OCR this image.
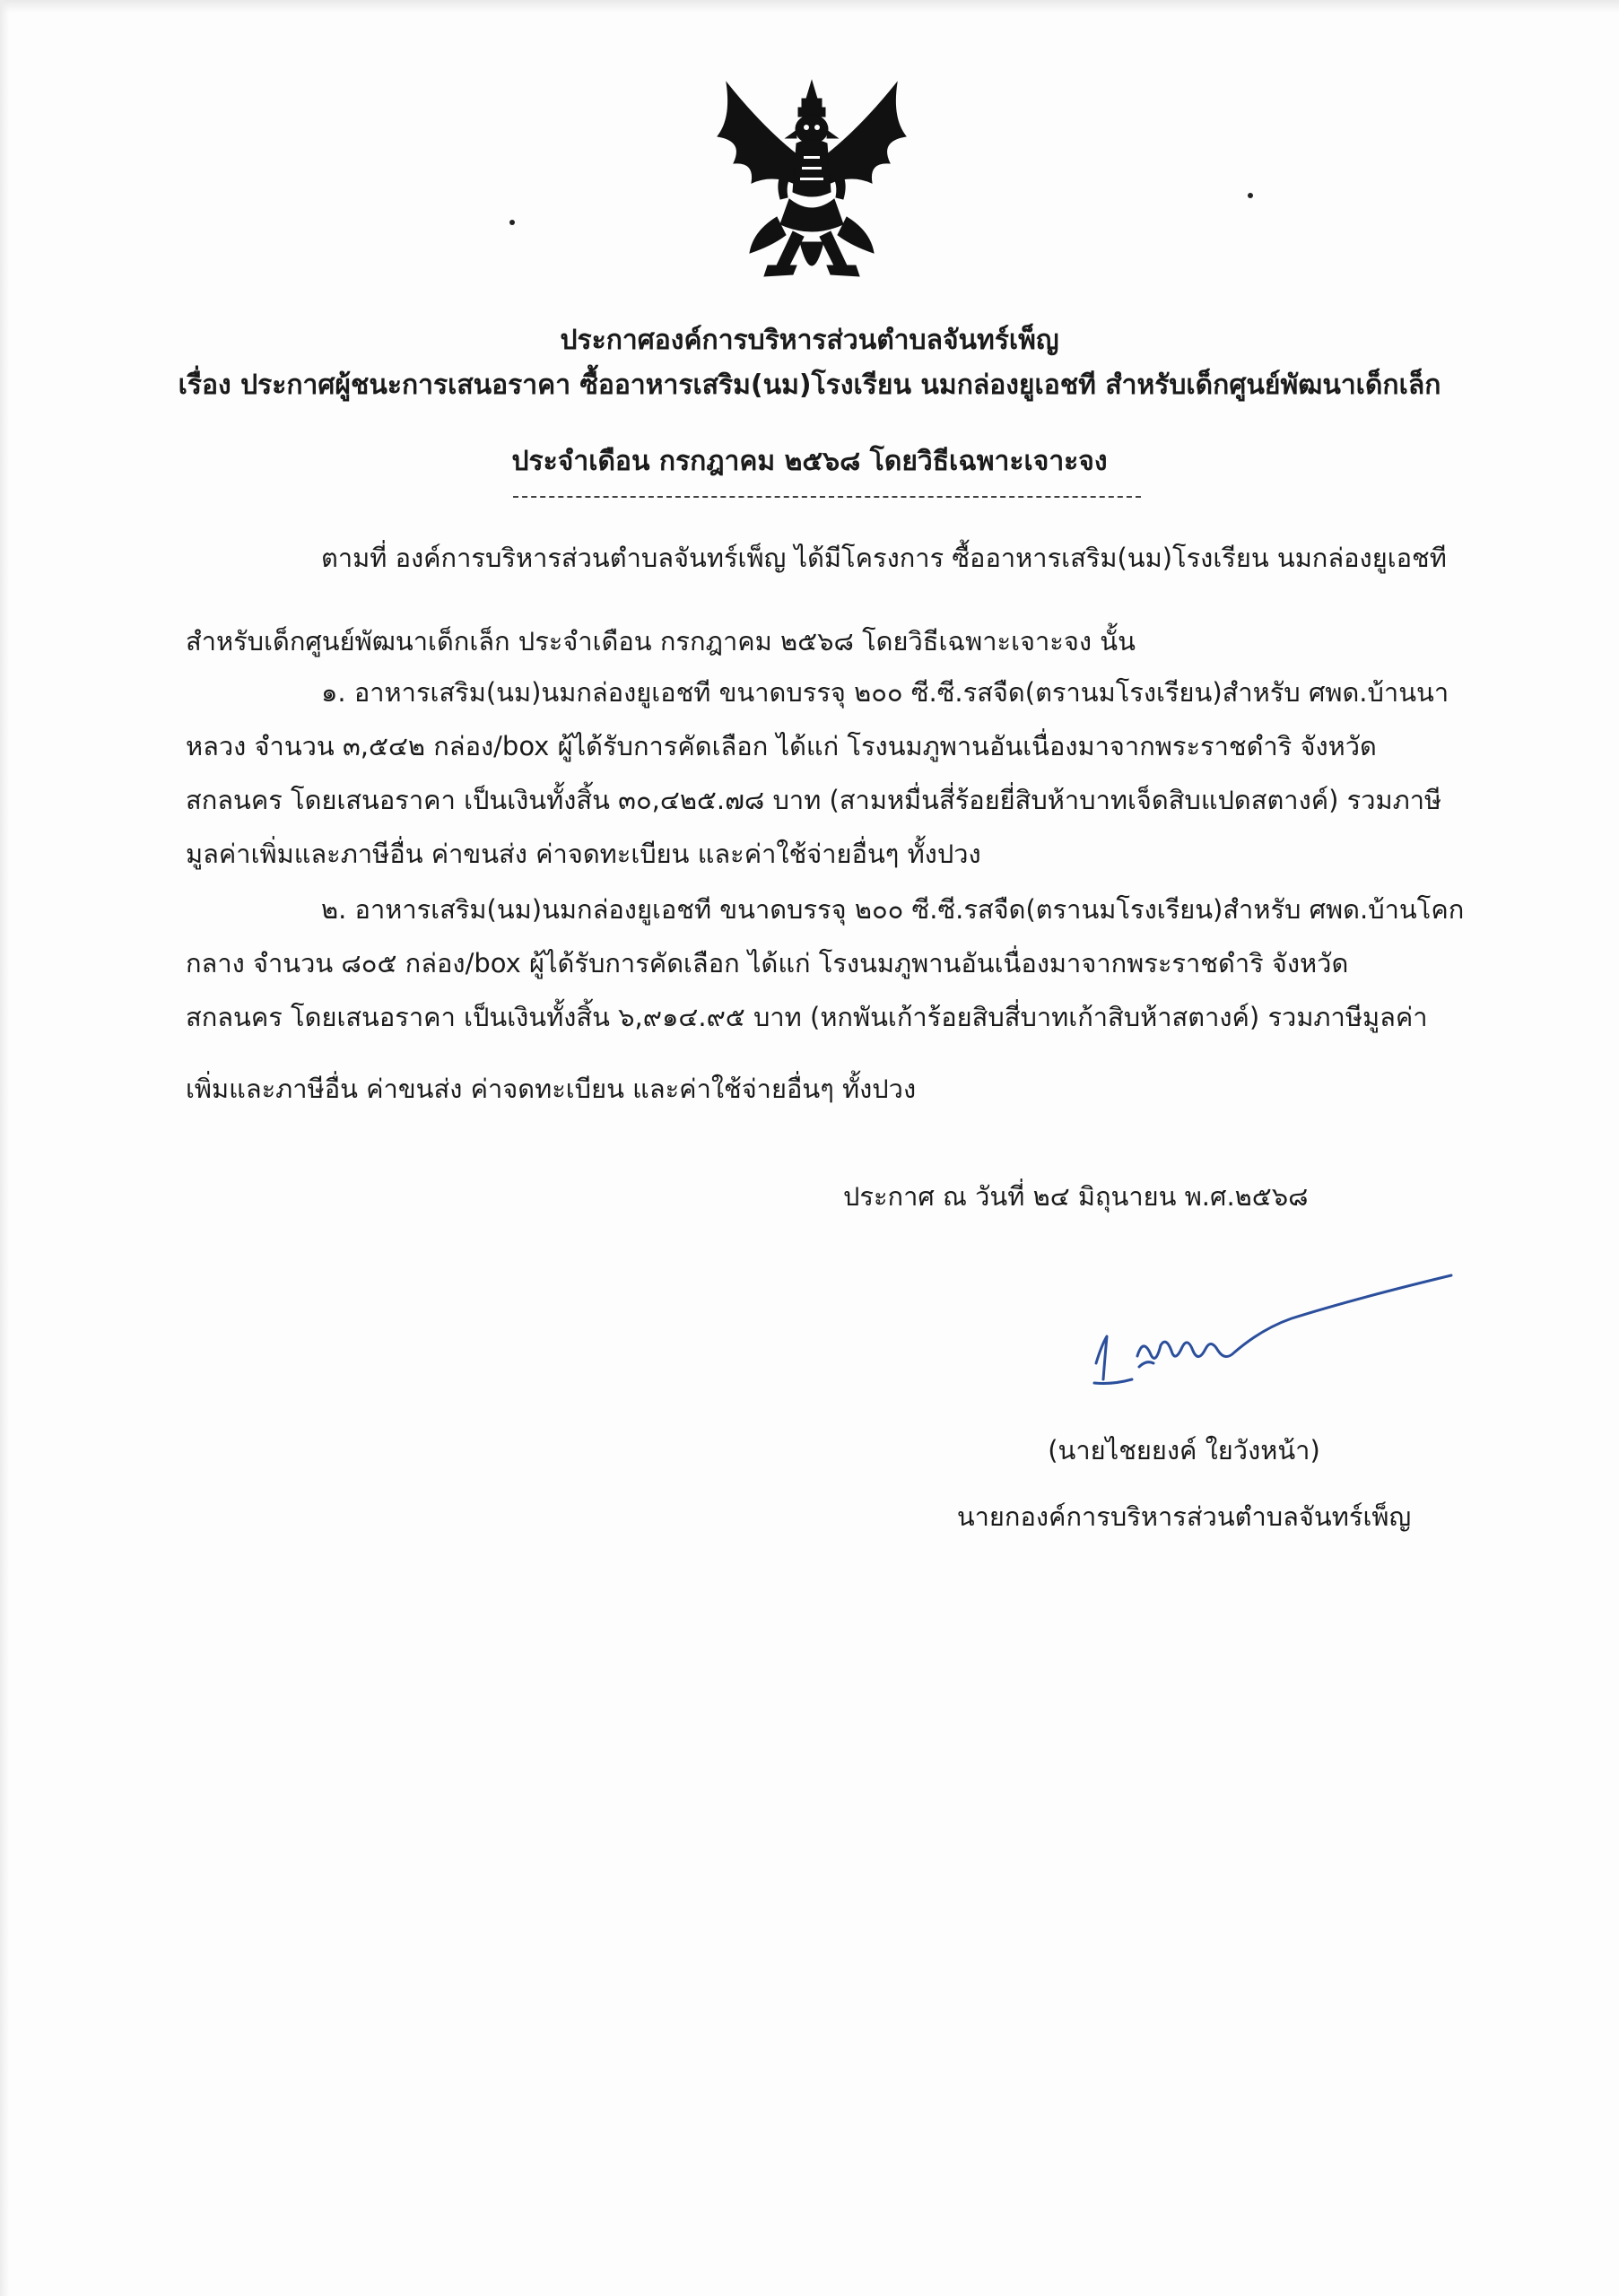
ประกาศองค์การบริหารส่วนตำบลจันทร์เพ็ญ
เรื่อง ประกาศผู้ชนะการเสนอราคา ซื้ออาหารเสริม(นม)โรงเรียน นมกล่องยูเอชที สำหรับเด็กศูนย์พัฒนาเด็กเล็ก
ประจำเดือน กรกฎาคม ๒๕๖๘ โดยวิธีเฉพาะเจาะจง
ตามที่ องค์การบริหารส่วนตำบลจันทร์เพ็ญ ได้มีโครงการ ซื้ออาหารเสริม(นม)โรงเรียน นมกล่องยูเอชที
สำหรับเด็กศูนย์พัฒนาเด็กเล็ก ประจำเดือน กรกฎาคม ๒๕๖๘ โดยวิธีเฉพาะเจาะจง นั้น
๑. อาหารเสริม(นม)นมกล่องยูเอชที ขนาดบรรจุ ๒๐๐ ซี.ซี.รสจืด(ตรานมโรงเรียน)สำหรับ ศพด.บ้านนา
หลวง จำนวน ๓,๕๔๒ กล่อง/box ผู้ได้รับการคัดเลือก ได้แก่ โรงนมภูพานอันเนื่องมาจากพระราชดำริ จังหวัด
สกลนคร โดยเสนอราคา เป็นเงินทั้งสิ้น ๓๐,๔๒๕.๗๘ บาท (สามหมื่นสี่ร้อยยี่สิบห้าบาทเจ็ดสิบแปดสตางค์) รวมภาษี
มูลค่าเพิ่มและภาษีอื่น ค่าขนส่ง ค่าจดทะเบียน และค่าใช้จ่ายอื่นๆ ทั้งปวง
๒. อาหารเสริม(นม)นมกล่องยูเอชที ขนาดบรรจุ ๒๐๐ ซี.ซี.รสจืด(ตรานมโรงเรียน)สำหรับ ศพด.บ้านโคก
กลาง จำนวน ๘๐๕ กล่อง/box ผู้ได้รับการคัดเลือก ได้แก่ โรงนมภูพานอันเนื่องมาจากพระราชดำริ จังหวัด
สกลนคร โดยเสนอราคา เป็นเงินทั้งสิ้น ๖,๙๑๔.๙๕ บาท (หกพันเก้าร้อยสิบสี่บาทเก้าสิบห้าสตางค์) รวมภาษีมูลค่า
เพิ่มและภาษีอื่น ค่าขนส่ง ค่าจดทะเบียน และค่าใช้จ่ายอื่นๆ ทั้งปวง
ประกาศ ณ วันที่ ๒๔ มิถุนายน พ.ศ.๒๕๖๘
(นายไชยยงค์ ใยวังหน้า)
นายกองค์การบริหารส่วนตำบลจันทร์เพ็ญ
